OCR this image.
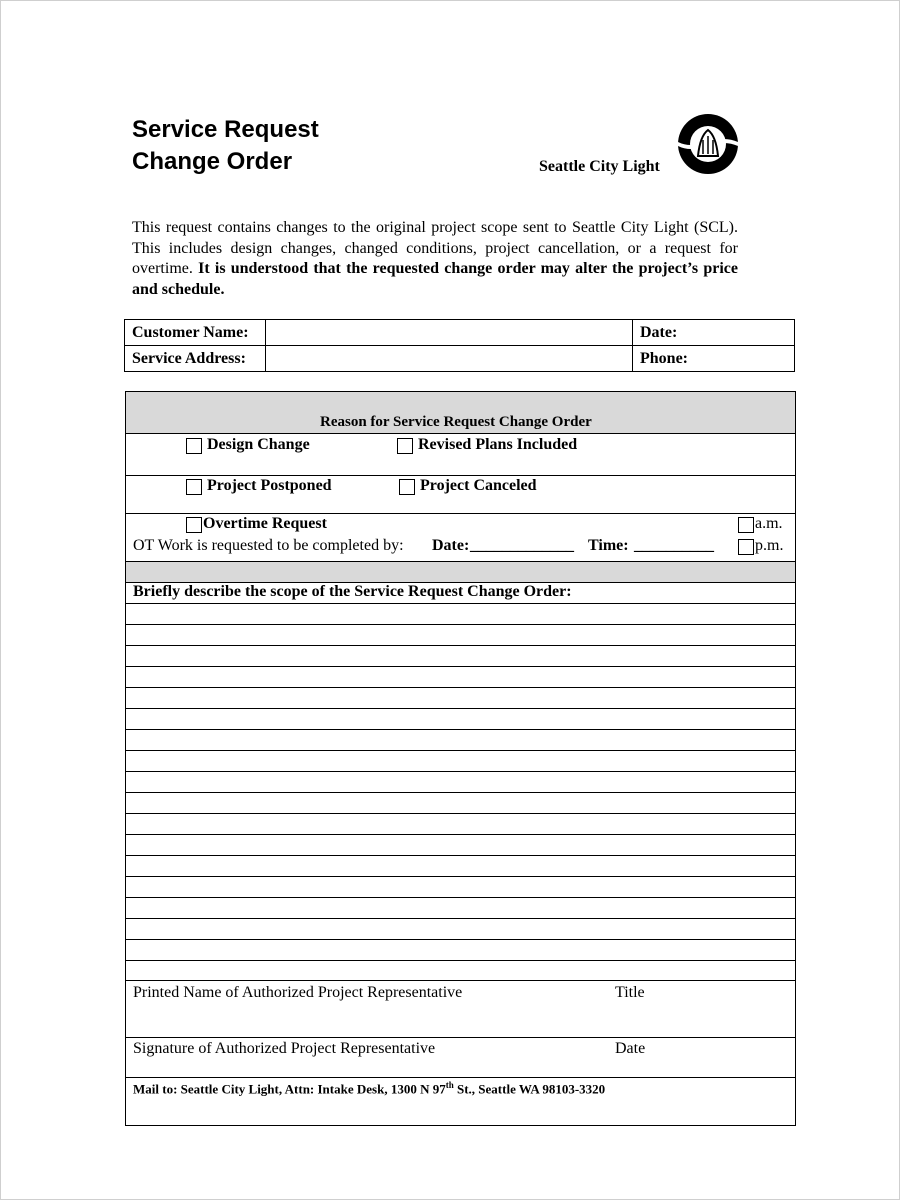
Service Request
Change Order	Seattle City Light
This request contains changes to the original project scope sent to Seattle City Light (SCL). This includes design changes, changed conditions, project cancellation, or a request for overtime. It is understood that the requested change order may alter the project’s price and schedule.
Customer Name:		Date:
Service Address:		Phone:
Reason for Service Request Change Order
Design Change	Revised Plans Included
Project Postponed	Project Canceled
Overtime Request
OT Work is requested to be completed by: Date: _____________ Time: __________
a.m.
p.m.
Briefly describe the scope of the Service Request Change Order:
Printed Name of Authorized Project Representative	Title
Signature of Authorized Project Representative	Date
Mail to: Seattle City Light, Attn: Intake Desk, 1300 N 97th St., Seattle WA 98103-3320
